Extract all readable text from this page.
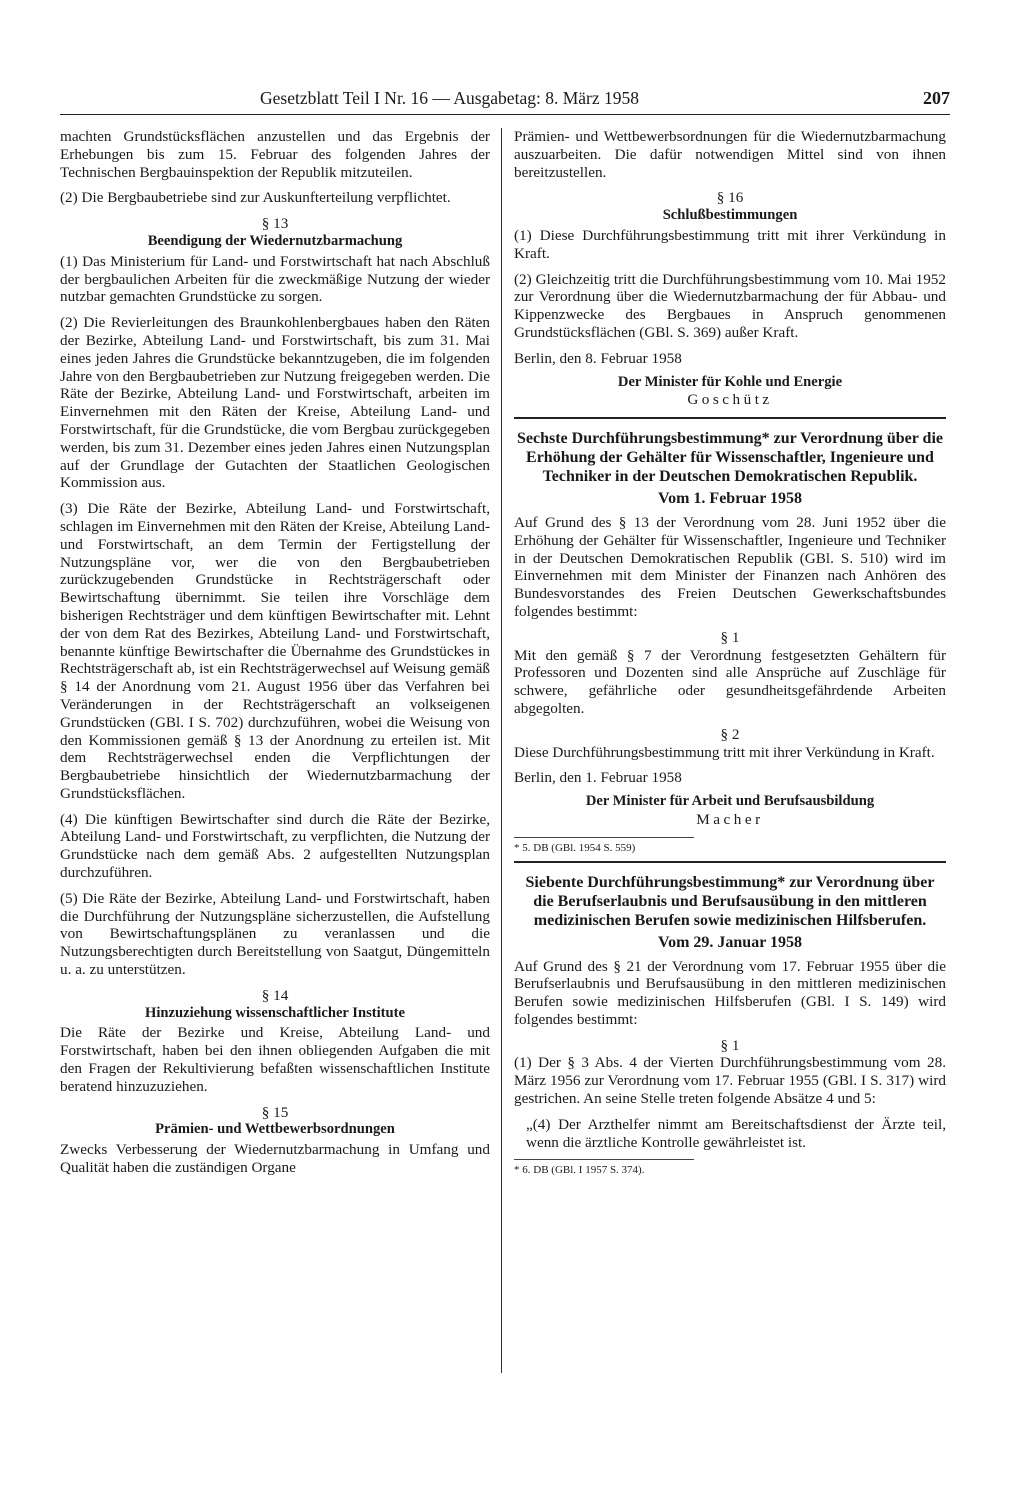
Gesetzblatt Teil I Nr. 16 — Ausgabetag: 8. März 1958	207

machten Grundstücksflächen anzustellen und das Ergebnis der Erhebungen bis zum 15. Februar des folgenden Jahres der Technischen Bergbauinspektion der Republik mitzuteilen.

(2) Die Bergbaubetriebe sind zur Auskunfterteilung verpflichtet.

§ 13
Beendigung der Wiedernutzbarmachung

(1) Das Ministerium für Land- und Forstwirtschaft hat nach Abschluß der bergbaulichen Arbeiten für die zweckmäßige Nutzung der wieder nutzbar gemachten Grundstücke zu sorgen.

(2) Die Revierleitungen des Braunkohlenbergbaues haben den Räten der Bezirke, Abteilung Land- und Forstwirtschaft, bis zum 31. Mai eines jeden Jahres die Grundstücke bekanntzugeben, die im folgenden Jahre von den Bergbaubetrieben zur Nutzung freigegeben werden. Die Räte der Bezirke, Abteilung Land- und Forstwirtschaft, arbeiten im Einvernehmen mit den Räten der Kreise, Abteilung Land- und Forstwirtschaft, für die Grundstücke, die vom Bergbau zurückgegeben werden, bis zum 31. Dezember eines jeden Jahres einen Nutzungsplan auf der Grundlage der Gutachten der Staatlichen Geologischen Kommission aus.

(3) Die Räte der Bezirke, Abteilung Land- und Forstwirtschaft, schlagen im Einvernehmen mit den Räten der Kreise, Abteilung Land- und Forstwirtschaft, an dem Termin der Fertigstellung der Nutzungspläne vor, wer die von den Bergbaubetrieben zurückzugebenden Grundstücke in Rechtsträgerschaft oder Bewirtschaftung übernimmt. Sie teilen ihre Vorschläge dem bisherigen Rechtsträger und dem künftigen Bewirtschafter mit. Lehnt der von dem Rat des Bezirkes, Abteilung Land- und Forstwirtschaft, benannte künftige Bewirtschafter die Übernahme des Grundstückes in Rechtsträgerschaft ab, ist ein Rechtsträgerwechsel auf Weisung gemäß § 14 der Anordnung vom 21. August 1956 über das Verfahren bei Veränderungen in der Rechtsträgerschaft an volkseigenen Grundstücken (GBl. I S. 702) durchzuführen, wobei die Weisung von den Kommissionen gemäß § 13 der Anordnung zu erteilen ist. Mit dem Rechtsträgerwechsel enden die Verpflichtungen der Bergbaubetriebe hinsichtlich der Wiedernutzbarmachung der Grundstücksflächen.

(4) Die künftigen Bewirtschafter sind durch die Räte der Bezirke, Abteilung Land- und Forstwirtschaft, zu verpflichten, die Nutzung der Grundstücke nach dem gemäß Abs. 2 aufgestellten Nutzungsplan durchzuführen.

(5) Die Räte der Bezirke, Abteilung Land- und Forstwirtschaft, haben die Durchführung der Nutzungspläne sicherzustellen, die Aufstellung von Bewirtschaftungsplänen zu veranlassen und die Nutzungsberechtigten durch Bereitstellung von Saatgut, Düngemitteln u. a. zu unterstützen.

§ 14
Hinzuziehung wissenschaftlicher Institute

Die Räte der Bezirke und Kreise, Abteilung Land- und Forstwirtschaft, haben bei den ihnen obliegenden Aufgaben die mit den Fragen der Rekultivierung befaßten wissenschaftlichen Institute beratend hinzuzuziehen.

§ 15
Prämien- und Wettbewerbsordnungen

Zwecks Verbesserung der Wiedernutzbarmachung in Umfang und Qualität haben die zuständigen Organe

Prämien- und Wettbewerbsordnungen für die Wiedernutzbarmachung auszuarbeiten. Die dafür notwendigen Mittel sind von ihnen bereitzustellen.

§ 16
Schlußbestimmungen

(1) Diese Durchführungsbestimmung tritt mit ihrer Verkündung in Kraft.

(2) Gleichzeitig tritt die Durchführungsbestimmung vom 10. Mai 1952 zur Verordnung über die Wiedernutzbarmachung der für Abbau- und Kippenzwecke des Bergbaues in Anspruch genommenen Grundstücksflächen (GBl. S. 369) außer Kraft.

Berlin, den 8. Februar 1958
Der Minister für Kohle und Energie
Goschütz
Sechste Durchführungsbestimmung* zur Verordnung über die Erhöhung der Gehälter für Wissenschaftler, Ingenieure und Techniker in der Deutschen Demokratischen Republik.
Vom 1. Februar 1958

Auf Grund des § 13 der Verordnung vom 28. Juni 1952 über die Erhöhung der Gehälter für Wissenschaftler, Ingenieure und Techniker in der Deutschen Demokratischen Republik (GBl. S. 510) wird im Einvernehmen mit dem Minister der Finanzen nach Anhören des Bundesvorstandes des Freien Deutschen Gewerkschaftsbundes folgendes bestimmt:

§ 1

Mit den gemäß § 7 der Verordnung festgesetzten Gehältern für Professoren und Dozenten sind alle Ansprüche auf Zuschläge für schwere, gefährliche oder gesundheitsgefährdende Arbeiten abgegolten.

§ 2

Diese Durchführungsbestimmung tritt mit ihrer Verkündung in Kraft.

Berlin, den 1. Februar 1958
Der Minister für Arbeit und Berufsausbildung
Macher
* 5. DB (GBl. 1954 S. 559)
Siebente Durchführungsbestimmung* zur Verordnung über die Berufserlaubnis und Berufsausübung in den mittleren medizinischen Berufen sowie medizinischen Hilfsberufen.
Vom 29. Januar 1958

Auf Grund des § 21 der Verordnung vom 17. Februar 1955 über die Berufserlaubnis und Berufsausübung in den mittleren medizinischen Berufen sowie medizinischen Hilfsberufen (GBl. I S. 149) wird folgendes bestimmt:

§ 1

(1) Der § 3 Abs. 4 der Vierten Durchführungsbestimmung vom 28. März 1956 zur Verordnung vom 17. Februar 1955 (GBl. I S. 317) wird gestrichen. An seine Stelle treten folgende Absätze 4 und 5:

„(4) Der Arzthelfer nimmt am Bereitschaftsdienst der Ärzte teil, wenn die ärztliche Kontrolle gewährleistet ist.

* 6. DB (GBl. I 1957 S. 374).
